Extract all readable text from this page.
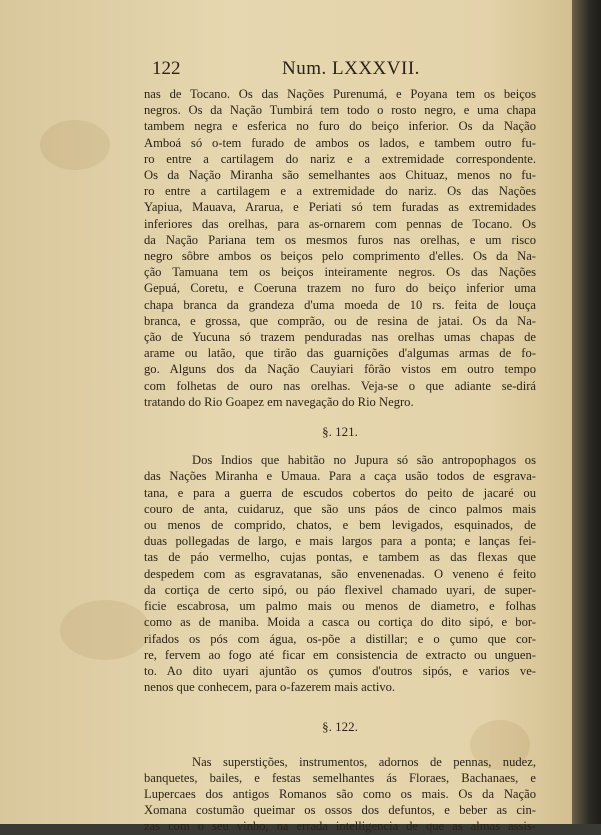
122	Num. LXXXVII.
nas de Tocano. Os das Nações Purenumá, e Poyana tem os beiços
negros. Os da Nação Tumbirá tem todo o rosto negro, e uma chapa
tambem negra e esferica no furo do beiço inferior. Os da Nação
Amboá só o-tem furado de ambos os lados, e tambem outro fu-
ro entre a cartilagem do nariz e a extremidade correspondente.
Os da Nação Miranha são semelhantes aos Chituaz, menos no fu-
ro entre a cartilagem e a extremidade do nariz. Os das Nações
Yapiua, Mauava, Ararua, e Periati só tem furadas as extremidades
inferiores das orelhas, para as-ornarem com pennas de Tocano. Os
da Nação Pariana tem os mesmos furos nas orelhas, e um risco
negro sôbre ambos os beiços pelo comprimento d'elles. Os da Na-
ção Tamuana tem os beiços inteiramente negros. Os das Nações
Gepuá, Coretu, e Coeruna trazem no furo do beiço inferior uma
chapa branca da grandeza d'uma moeda de 10 rs. feita de louça
branca, e grossa, que comprão, ou de resina de jatai. Os da Na-
ção de Yucuna só trazem penduradas nas orelhas umas chapas de
arame ou latão, que tirão das guarnições d'algumas armas de fo-
go. Alguns dos da Nação Cauyiari fôrão vistos em outro tempo
com folhetas de ouro nas orelhas. Veja-se o que adiante se-dirá
tratando do Rio Goapez em navegação do Rio Negro.
§. 121.
Dos Indios que habitão no Jupura só são antropophagos os
das Nações Miranha e Umaua. Para a caça usão todos de esgrava-
tana, e para a guerra de escudos cobertos do peito de jacaré ou
couro de anta, cuidaruz, que são uns páos de cinco palmos mais
ou menos de comprido, chatos, e bem levigados, esquinados, de
duas pollegadas de largo, e mais largos para a ponta; e lanças fei-
tas de páo vermelho, cujas pontas, e tambem as das flexas que
despedem com as esgravatanas, são envenenadas. O veneno é feito
da cortiça de certo sipó, ou páo flexivel chamado uyari, de super-
ficie escabrosa, um palmo mais ou menos de diametro, e folhas
como as de maniba. Moida a casca ou cortiça do dito sipó, e bor-
rifados os pós com água, os-põe a distillar; e o çumo que cor-
re, fervem ao fogo até ficar em consistencia de extracto ou unguen-
to. Ao dito uyari ajuntão os çumos d'outros sipós, e varios ve-
nenos que conhecem, para o-fazerem mais activo.
§. 122.
Nas superstições, instrumentos, adornos de pennas, nudez,
banquetes, bailes, e festas semelhantes ás Floraes, Bachanaes, e
Lupercaes dos antigos Romanos são como os mais. Os da Nação
Xomana costumão queimar os ossos dos defuntos, e beber as cin-
zas com o seu vinho, na errada intelligencia de que as almas assis-
